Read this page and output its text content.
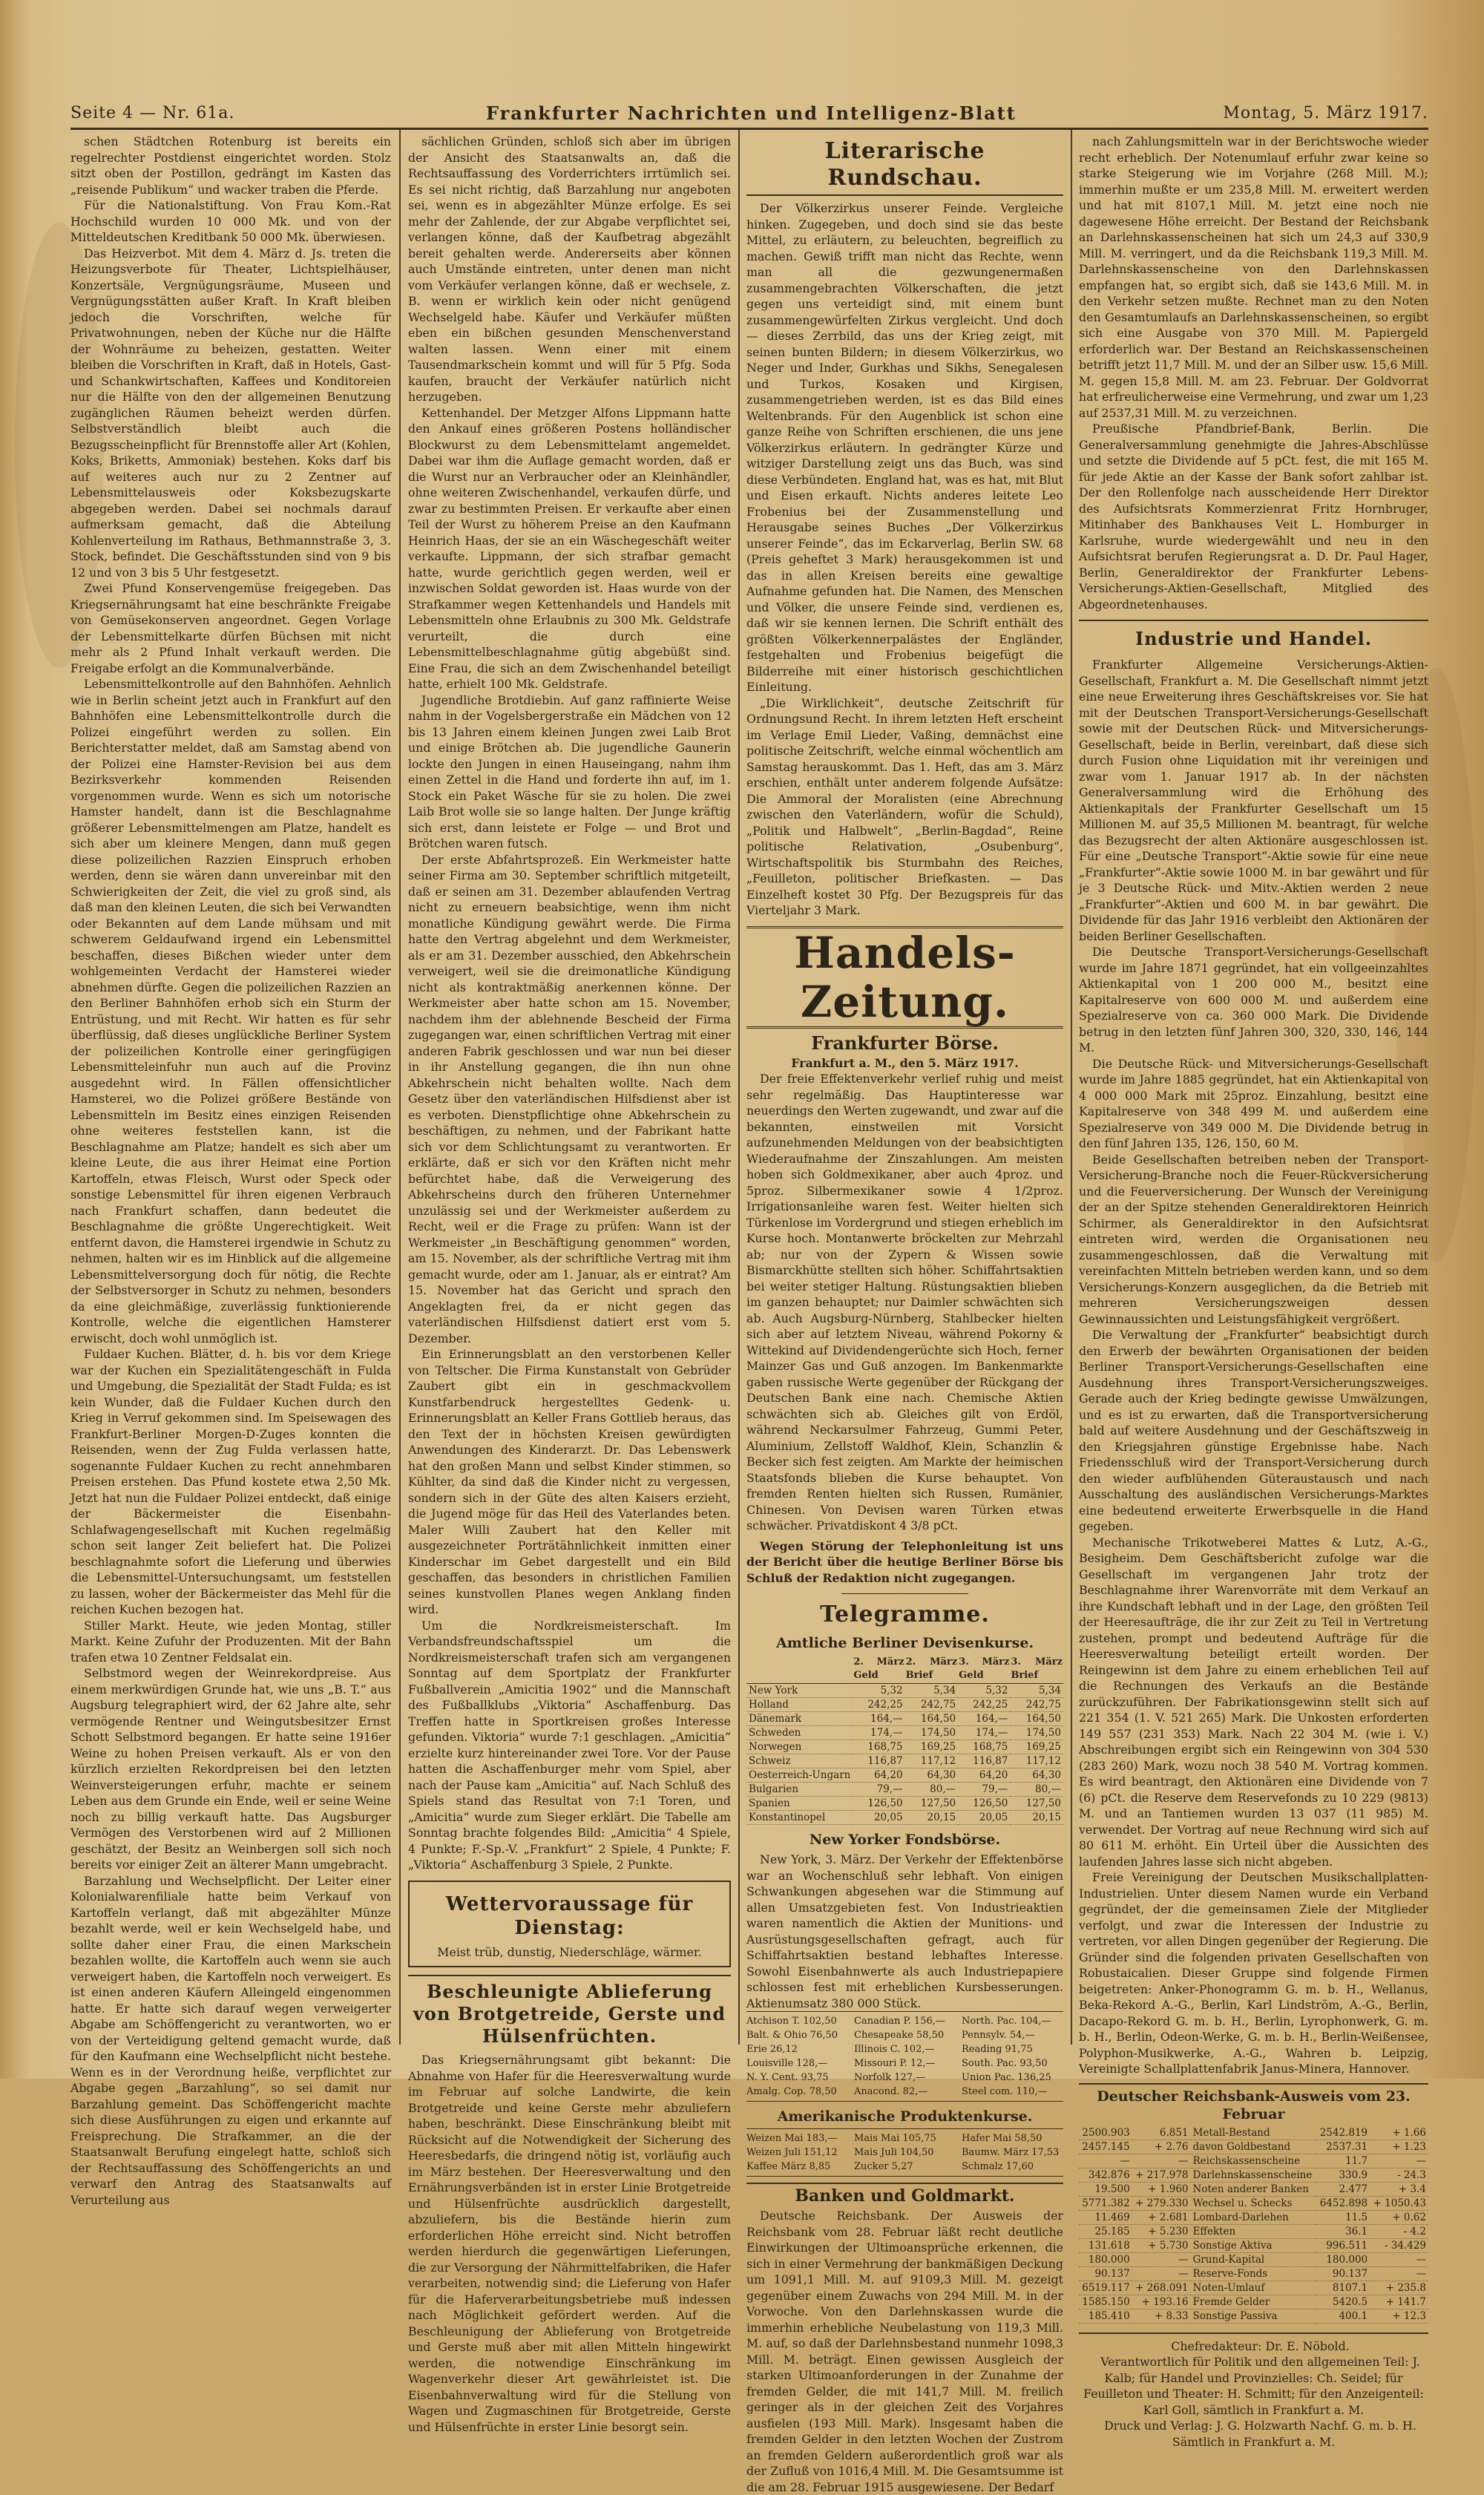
Seite 4 — Nr. 61a.	Frankfurter Nachrichten und Intelligenz-Blatt	Montag, 5. März 1917.

schen Städtchen Rotenburg ist bereits ein regelrechter Postdienst eingerichtet worden. Stolz sitzt oben der Postillon, gedrängt im Kasten das „reisende Publikum“ und wacker traben die Pferde.

Für die Nationalstiftung. Von Frau Kom.-Rat Hochschild wurden 10 000 Mk. und von der Mitteldeutschen Kreditbank 50 000 Mk. überwiesen.

Das Heizverbot. Mit dem 4. März d. Js. treten die Heizungsverbote für Theater, Lichtspielhäuser, Konzertsäle, Vergnügungsräume, Museen und Vergnügungsstätten außer Kraft. In Kraft bleiben jedoch die Vorschriften, welche für Privatwohnungen, neben der Küche nur die Hälfte der Wohnräume zu beheizen, gestatten. Weiter bleiben die Vorschriften in Kraft, daß in Hotels, Gast- und Schankwirtschaften, Kaffees und Konditoreien nur die Hälfte von den der allgemeinen Benutzung zugänglichen Räumen beheizt werden dürfen. Selbstverständlich bleibt auch die Bezugsscheinpflicht für Brennstoffe aller Art (Kohlen, Koks, Briketts, Ammoniak) bestehen. Koks darf bis auf weiteres auch nur zu 2 Zentner auf Lebensmittelausweis oder Koksbezugskarte abgegeben werden. Dabei sei nochmals darauf aufmerksam gemacht, daß die Abteilung Kohlenverteilung im Rathaus, Bethmannstraße 3, 3. Stock, befindet. Die Geschäftsstunden sind von 9 bis 12 und von 3 bis 5 Uhr festgesetzt.

Zwei Pfund Konservengemüse freigegeben. Das Kriegsernährungsamt hat eine beschränkte Freigabe von Gemüsekonserven angeordnet. Gegen Vorlage der Lebensmittelkarte dürfen Büchsen mit nicht mehr als 2 Pfund Inhalt verkauft werden. Die Freigabe erfolgt an die Kommunalverbände.

Lebensmittelkontrolle auf den Bahnhöfen. Aehnlich wie in Berlin scheint jetzt auch in Frankfurt auf den Bahnhöfen eine Lebensmittelkontrolle durch die Polizei eingeführt werden zu sollen. Ein Berichterstatter meldet, daß am Samstag abend von der Polizei eine Hamster-Revision bei aus dem Bezirksverkehr kommenden Reisenden vorgenommen wurde. Wenn es sich um notorische Hamster handelt, dann ist die Beschlagnahme größerer Lebensmittelmengen am Platze, handelt es sich aber um kleinere Mengen, dann muß gegen diese polizeilichen Razzien Einspruch erhoben werden, denn sie wären dann unvereinbar mit den Schwierigkeiten der Zeit, die viel zu groß sind, als daß man den kleinen Leuten, die sich bei Verwandten oder Bekannten auf dem Lande mühsam und mit schwerem Geldaufwand irgend ein Lebensmittel beschaffen, dieses Bißchen wieder unter dem wohlgemeinten Verdacht der Hamsterei wieder abnehmen dürfte. Gegen die polizeilichen Razzien an den Berliner Bahnhöfen erhob sich ein Sturm der Entrüstung, und mit Recht. Wir hatten es für sehr überflüssig, daß dieses unglückliche Berliner System der polizeilichen Kontrolle einer geringfügigen Lebensmitteleinfuhr nun auch auf die Provinz ausgedehnt wird. In Fällen offensichtlicher Hamsterei, wo die Polizei größere Bestände von Lebensmitteln im Besitz eines einzigen Reisenden ohne weiteres feststellen kann, ist die Beschlagnahme am Platze; handelt es sich aber um kleine Leute, die aus ihrer Heimat eine Portion Kartoffeln, etwas Fleisch, Wurst oder Speck oder sonstige Lebensmittel für ihren eigenen Verbrauch nach Frankfurt schaffen, dann bedeutet die Beschlagnahme die größte Ungerechtigkeit. Weit entfernt davon, die Hamsterei irgendwie in Schutz zu nehmen, halten wir es im Hinblick auf die allgemeine Lebensmittelversorgung doch für nötig, die Rechte der Selbstversorger in Schutz zu nehmen, besonders da eine gleichmäßige, zuverlässig funktionierende Kontrolle, welche die eigentlichen Hamsterer erwischt, doch wohl unmöglich ist.

Fuldaer Kuchen. Blätter, d. h. bis vor dem Kriege war der Kuchen ein Spezialitätengeschäft in Fulda und Umgebung, die Spezialität der Stadt Fulda; es ist kein Wunder, daß die Fuldaer Kuchen durch den Krieg in Verruf gekommen sind. Im Speisewagen des Frankfurt-Berliner Morgen-D-Zuges konnten die Reisenden, wenn der Zug Fulda verlassen hatte, sogenannte Fuldaer Kuchen zu recht annehmbaren Preisen erstehen. Das Pfund kostete etwa 2,50 Mk. Jetzt hat nun die Fuldaer Polizei entdeckt, daß einige der Bäckermeister die Eisenbahn-Schlafwagengesellschaft mit Kuchen regelmäßig schon seit langer Zeit beliefert hat. Die Polizei beschlagnahmte sofort die Lieferung und überwies die Lebensmittel-Untersuchungsamt, um feststellen zu lassen, woher der Bäckermeister das Mehl für die reichen Kuchen bezogen hat.

Stiller Markt. Heute, wie jeden Montag, stiller Markt. Keine Zufuhr der Produzenten. Mit der Bahn trafen etwa 10 Zentner Feldsalat ein.

Selbstmord wegen der Weinrekordpreise. Aus einem merkwürdigen Grunde hat, wie uns „B. T.“ aus Augsburg telegraphiert wird, der 62 Jahre alte, sehr vermögende Rentner und Weingutsbesitzer Ernst Schott Selbstmord begangen. Er hatte seine 1916er Weine zu hohen Preisen verkauft. Als er von den kürzlich erzielten Rekordpreisen bei den letzten Weinversteigerungen erfuhr, machte er seinem Leben aus dem Grunde ein Ende, weil er seine Weine noch zu billig verkauft hatte. Das Augsburger Vermögen des Verstorbenen wird auf 2 Millionen geschätzt, der Besitz an Weinbergen soll sich noch bereits vor einiger Zeit an älterer Mann umgebracht.

Barzahlung und Wechselpflicht. Der Leiter einer Kolonialwarenfiliale hatte beim Verkauf von Kartoffeln verlangt, daß mit abgezählter Münze bezahlt werde, weil er kein Wechselgeld habe, und sollte daher einer Frau, die einen Markschein bezahlen wollte, die Kartoffeln auch wenn sie auch verweigert haben, die Kartoffeln noch verweigert. Es ist einen anderen Käufern Alleingeld eingenommen hatte. Er hatte sich darauf wegen verweigerter Abgabe am Schöffengericht zu verantworten, wo er von der Verteidigung geltend gemacht wurde, daß für den Kaufmann eine Wechselpflicht nicht bestehe. Wenn es in der Verordnung heiße, verpflichtet zur Abgabe gegen „Barzahlung“, so sei damit nur Barzahlung gemeint. Das Schöffengericht machte sich diese Ausführungen zu eigen und erkannte auf Freisprechung. Die Strafkammer, an die der Staatsanwalt Berufung eingelegt hatte, schloß sich der Rechtsauffassung des Schöffengerichts an und verwarf den Antrag des Staatsanwalts auf Verurteilung aus

sächlichen Gründen, schloß sich aber im übrigen der Ansicht des Staatsanwalts an, daß die Rechtsauffassung des Vorderrichters irrtümlich sei. Es sei nicht richtig, daß Barzahlung nur angeboten sei, wenn es in abgezählter Münze erfolge. Es sei mehr der Zahlende, der zur Abgabe verpflichtet sei, verlangen könne, daß der Kaufbetrag abgezählt bereit gehalten werde. Andererseits aber können auch Umstände eintreten, unter denen man nicht vom Verkäufer verlangen könne, daß er wechsele, z. B. wenn er wirklich kein oder nicht genügend Wechselgeld habe. Käufer und Verkäufer müßten eben ein bißchen gesunden Menschenverstand walten lassen. Wenn einer mit einem Tausendmarkschein kommt und will für 5 Pfg. Soda kaufen, braucht der Verkäufer natürlich nicht herzugeben.

Kettenhandel. Der Metzger Alfons Lippmann hatte den Ankauf eines größeren Postens holländischer Blockwurst zu dem Lebensmittelamt angemeldet. Dabei war ihm die Auflage gemacht worden, daß er die Wurst nur an Verbraucher oder an Kleinhändler, ohne weiteren Zwischenhandel, verkaufen dürfe, und zwar zu bestimmten Preisen. Er verkaufte aber einen Teil der Wurst zu höherem Preise an den Kaufmann Heinrich Haas, der sie an ein Wäschegeschäft weiter verkaufte. Lippmann, der sich strafbar gemacht hatte, wurde gerichtlich gegen werden, weil er inzwischen Soldat geworden ist. Haas wurde von der Strafkammer wegen Kettenhandels und Handels mit Lebensmitteln ohne Erlaubnis zu 300 Mk. Geldstrafe verurteilt, die durch eine Lebensmittelbeschlagnahme gütig abgebüßt sind. Eine Frau, die sich an dem Zwischenhandel beteiligt hatte, erhielt 100 Mk. Geldstrafe.

Jugendliche Brotdiebin. Auf ganz raffinierte Weise nahm in der Vogelsbergerstraße ein Mädchen von 12 bis 13 Jahren einem kleinen Jungen zwei Laib Brot und einige Brötchen ab. Die jugendliche Gaunerin lockte den Jungen in einen Hauseingang, nahm ihm einen Zettel in die Hand und forderte ihn auf, im 1. Stock ein Paket Wäsche für sie zu holen. Die zwei Laib Brot wolle sie so lange halten. Der Junge kräftig sich erst, dann leistete er Folge — und Brot und Brötchen waren futsch.

Der erste Abfahrtsprozeß. Ein Werkmeister hatte seiner Firma am 30. September schriftlich mitgeteilt, daß er seinen am 31. Dezember ablaufenden Vertrag nicht zu erneuern beabsichtige, wenn ihm nicht monatliche Kündigung gewährt werde. Die Firma hatte den Vertrag abgelehnt und dem Werkmeister, als er am 31. Dezember ausschied, den Abkehrschein verweigert, weil sie die dreimonatliche Kündigung nicht als kontraktmäßig anerkennen könne. Der Werkmeister aber hatte schon am 15. November, nachdem ihm der ablehnende Bescheid der Firma zugegangen war, einen schriftlichen Vertrag mit einer anderen Fabrik geschlossen und war nun bei dieser in ihr Anstellung gegangen, die ihn nun ohne Abkehrschein nicht behalten wollte. Nach dem Gesetz über den vaterländischen Hilfsdienst aber ist es verboten. Dienstpflichtige ohne Abkehrschein zu beschäftigen, zu nehmen, und der Fabrikant hatte sich vor dem Schlichtungsamt zu verantworten. Er erklärte, daß er sich vor den Kräften nicht mehr befürchtet habe, daß die Verweigerung des Abkehrscheins durch den früheren Unternehmer unzulässig sei und der Werkmeister außerdem zu Recht, weil er die Frage zu prüfen: Wann ist der Werkmeister „in Beschäftigung genommen“ worden, am 15. November, als der schriftliche Vertrag mit ihm gemacht wurde, oder am 1. Januar, als er eintrat? Am 15. November hat das Gericht und sprach den Angeklagten frei, da er nicht gegen das vaterländischen Hilfsdienst datiert erst vom 5. Dezember.

Ein Erinnerungsblatt an den verstorbenen Keller von Teltscher. Die Firma Kunstanstalt von Gebrüder Zaubert gibt ein in geschmackvollem Kunstfarbendruck hergestelltes Gedenk- u. Erinnerungsblatt an Keller Frans Gottlieb heraus, das den Text der in höchsten Kreisen gewürdigten Anwendungen des Kinderarzt. Dr. Das Lebenswerk hat den großen Mann und selbst Kinder stimmen, so Kühlter, da sind daß die Kinder nicht zu vergessen, sondern sich in der Güte des alten Kaisers erzieht, die Jugend möge für das Heil des Vaterlandes beten. Maler Willi Zaubert hat den Keller mit ausgezeichneter Porträtähnlichkeit inmitten einer Kinderschar im Gebet dargestellt und ein Bild geschaffen, das besonders in christlichen Familien seines kunstvollen Planes wegen Anklang finden wird.

Um die Nordkreismeisterschaft. Im Verbandsfreundschaftsspiel um die Nordkreismeisterschaft trafen sich am vergangenen Sonntag auf dem Sportplatz der Frankfurter Fußballverein „Amicitia 1902“ und die Mannschaft des Fußballklubs „Viktoria“ Aschaffenburg. Das Treffen hatte in Sportkreisen großes Interesse gefunden. Viktoria“ wurde 7:1 geschlagen. „Amicitia“ erzielte kurz hintereinander zwei Tore. Vor der Pause hatten die Aschaffenburger mehr vom Spiel, aber nach der Pause kam „Amicitia“ auf. Nach Schluß des Spiels stand das Resultat von 7:1 Toren, und „Amicitia“ wurde zum Sieger erklärt. Die Tabelle am Sonntag brachte folgendes Bild: „Amicitia“ 4 Spiele, 4 Punkte; F.-Sp.-V. „Frankfurt“ 2 Spiele, 4 Punkte; F. „Viktoria“ Aschaffenburg 3 Spiele, 2 Punkte.

Wettervoraussage für Dienstag:

Meist trüb, dunstig, Niederschläge, wärmer.

Beschleunigte Ablieferung von Brotgetreide, Gerste und Hülsenfrüchten.

Das Kriegsernährungsamt gibt bekannt: Die Abnahme von Hafer für die Heeresverwaltung wurde im Februar auf solche Landwirte, die kein Brotgetreide und keine Gerste mehr abzuliefern haben, beschränkt. Diese Einschränkung bleibt mit Rücksicht auf die Notwendigkeit der Sicherung des Heeresbedarfs, die dringend nötig ist, vorläufig auch im März bestehen. Der Heeresverwaltung und den Ernährungsverbänden ist in erster Linie Brotgetreide und Hülsenfrüchte ausdrücklich dargestellt, abzuliefern, bis die Bestände hierin zum erforderlichen Höhe erreicht sind. Nicht betroffen werden hierdurch die gegenwärtigen Lieferungen, die zur Versorgung der Nährmittelfabriken, die Hafer verarbeiten, notwendig sind; die Lieferung von Hafer für die Haferverarbeitungsbetriebe muß indessen nach Möglichkeit gefördert werden. Auf die Beschleunigung der Ablieferung von Brotgetreide und Gerste muß aber mit allen Mitteln hingewirkt werden, die notwendige Einschränkung im Wagenverkehr dieser Art gewährleistet ist. Die Eisenbahnverwaltung wird für die Stellung von Wagen und Zugmaschinen für Brotgetreide, Gerste und Hülsenfrüchte in erster Linie besorgt sein.

Literarische Rundschau.

Der Völkerzirkus unserer Feinde. Vergleiche hinken. Zugegeben, und doch sind sie das beste Mittel, zu erläutern, zu beleuchten, begreiflich zu machen. Gewiß trifft man nicht das Rechte, wenn man all die gezwungenermaßen zusammengebrachten Völkerschaften, die jetzt gegen uns verteidigt sind, mit einem bunt zusammengewürfelten Zirkus vergleicht. Und doch — dieses Zerrbild, das uns der Krieg zeigt, mit seinen bunten Bildern; in diesem Völkerzirkus, wo Neger und Inder, Gurkhas und Sikhs, Senegalesen und Turkos, Kosaken und Kirgisen, zusammengetrieben werden, ist es das Bild eines Weltenbrands. Für den Augenblick ist schon eine ganze Reihe von Schriften erschienen, die uns jene Völkerzirkus erläutern. In gedrängter Kürze und witziger Darstellung zeigt uns das Buch, was sind diese Verbündeten. England hat, was es hat, mit Blut und Eisen erkauft. Nichts anderes leitete Leo Frobenius bei der Zusammenstellung und Herausgabe seines Buches „Der Völkerzirkus unserer Feinde“, das im Eckarverlag, Berlin SW. 68 (Preis geheftet 3 Mark) herausgekommen ist und das in allen Kreisen bereits eine gewaltige Aufnahme gefunden hat. Die Namen, des Menschen und Völker, die unsere Feinde sind, verdienen es, daß wir sie kennen lernen. Die Schrift enthält des größten Völkerkennerpalästes der Engländer, festgehalten und Frobenius beigefügt die Bilderreihe mit einer historisch geschichtlichen Einleitung.

„Die Wirklichkeit“, deutsche Zeitschrift für Ordnungsund Recht. In ihrem letzten Heft erscheint im Verlage Emil Lieder, Vaßing, demnächst eine politische Zeitschrift, welche einmal wöchentlich am Samstag herauskommt. Das 1. Heft, das am 3. März erschien, enthält unter anderem folgende Aufsätze: Die Ammoral der Moralisten (eine Abrechnung zwischen den Vaterländern, wofür die Schuld), „Politik und Halbwelt“, „Berlin-Bagdad“, Reine politische Relativation, „Osubenburg“, Wirtschaftspolitik bis Sturmbahn des Reiches, „Feuilleton, politischer Briefkasten. — Das Einzelheft kostet 30 Pfg. Der Bezugspreis für das Vierteljahr 3 Mark.

Handels-Zeitung.
Frankfurter Börse.

Frankfurt a. M., den 5. März 1917.

Der freie Effektenverkehr verlief ruhig und meist sehr regelmäßig. Das Hauptinteresse war neuerdings den Werten zugewandt, und zwar auf die bekannten, einstweilen mit Vorsicht aufzunehmenden Meldungen von der beabsichtigten Wiederaufnahme der Zinszahlungen. Am meisten hoben sich Goldmexikaner, aber auch 4proz. und 5proz. Silbermexikaner sowie 4 1/2proz. Irrigationsanleihe waren fest. Weiter hielten sich Türkenlose im Vordergrund und stiegen erheblich im Kurse hoch. Montanwerte bröckelten zur Mehrzahl ab; nur von der Zypern & Wissen sowie Bismarckhütte stellten sich höher. Schiffahrtsaktien bei weiter stetiger Haltung. Rüstungsaktien blieben im ganzen behauptet; nur Daimler schwächten sich ab. Auch Augsburg-Nürnberg, Stahlbecker hielten sich aber auf letztem Niveau, während Pokorny & Wittekind auf Dividendengerüchte sich Hoch, ferner Mainzer Gas und Guß anzogen. Im Bankenmarkte gaben russische Werte gegenüber der Rückgang der Deutschen Bank eine nach. Chemische Aktien schwächten sich ab. Gleiches gilt von Erdöl, während Neckarsulmer Fahrzeug, Gummi Peter, Aluminium, Zellstoff Waldhof, Klein, Schanzlin & Becker sich fest zeigten. Am Markte der heimischen Staatsfonds blieben die Kurse behauptet. Von fremden Renten hielten sich Russen, Rumänier, Chinesen. Von Devisen waren Türken etwas schwächer. Privatdiskont 4 3/8 pCt.

Wegen Störung der Telephonleitung ist uns der Bericht über die heutige Berliner Börse bis Schluß der Redaktion nicht zugegangen.

Telegramme.
Amtliche Berliner Devisenkurse.
	2. März Geld	2. März Brief	3. März Geld	3. März Brief
New York	5,32	5,34	5,32	5,34
Holland	242,25	242,75	242,25	242,75
Dänemark	164,—	164,50	164,—	164,50
Schweden	174,—	174,50	174,—	174,50
Norwegen	168,75	169,25	168,75	169,25
Schweiz	116,87	117,12	116,87	117,12
Oesterreich-Ungarn	64,20	64,30	64,20	64,30
Bulgarien	79,—	80,—	79,—	80,—
Spanien	126,50	127,50	126,50	127,50
Konstantinopel	20,05	20,15	20,05	20,15
New Yorker Fondsbörse.

New York, 3. März. Der Verkehr der Effektenbörse war an Wochenschluß sehr lebhaft. Von einigen Schwankungen abgesehen war die Stimmung auf allen Umsatzgebieten fest. Von Industrieaktien waren namentlich die Aktien der Munitions- und Ausrüstungsgesellschaften gefragt, auch für Schiffahrtsaktien bestand lebhaftes Interesse. Sowohl Eisenbahnwerte als auch Industriepapiere schlossen fest mit erheblichen Kursbesserungen. Aktienumsatz 380 000 Stück.

Atchison T. 102,50	Canadian P. 156,—	North. Pac. 104,—
Balt. & Ohio 76,50	Chesapeake 58,50	Pennsylv. 54,—
Erie 26,12	Illinois C. 102,—	Reading 91,75
Louisville 128,—	Missouri P. 12,—	South. Pac. 93,50
N. Y. Cent. 93,75	Norfolk 127,—	Union Pac. 136,25
Amalg. Cop. 78,50	Anacond. 82,—	Steel com. 110,—
Amerikanische Produktenkurse.
Weizen Mai 183,—	Mais Mai 105,75	Hafer Mai 58,50
Weizen Juli 151,12	Mais Juli 104,50	Baumw. März 17,53
Kaffee März 8,85	Zucker 5,27	Schmalz 17,60
Banken und Goldmarkt.

Deutsche Reichsbank. Der Ausweis der Reichsbank vom 28. Februar läßt recht deutliche Einwirkungen der Ultimoansprüche erkennen, die sich in einer Vermehrung der bankmäßigen Deckung um 1091,1 Mill. M. auf 9109,3 Mill. M. gezeigt gegenüber einem Zuwachs von 294 Mill. M. in der Vorwoche. Von den Darlehnskassen wurde die immerhin erhebliche Neubelastung von 119,3 Mill. M. auf, so daß der Darlehnsbestand nunmehr 1098,3 Mill. M. beträgt. Einen gewissen Ausgleich der starken Ultimoanforderungen in der Zunahme der fremden Gelder, die mit 141,7 Mill. M. freilich geringer als in der gleichen Zeit des Vorjahres ausfielen (193 Mill. Mark). Insgesamt haben die fremden Gelder in den letzten Wochen der Zustrom an fremden Geldern außerordentlich groß war als der Zufluß von 1016,4 Mill. M. Die Gesamtsumme ist die am 28. Februar 1915 ausgewiesene. Der Bedarf

nach Zahlungsmitteln war in der Berichtswoche wieder recht erheblich. Der Notenumlauf erfuhr zwar keine so starke Steigerung wie im Vorjahre (268 Mill. M.); immerhin mußte er um 235,8 Mill. M. erweitert werden und hat mit 8107,1 Mill. M. jetzt eine noch nie dagewesene Höhe erreicht. Der Bestand der Reichsbank an Darlehnskassenscheinen hat sich um 24,3 auf 330,9 Mill. M. verringert, und da die Reichsbank 119,3 Mill. M. Darlehnskassenscheine von den Darlehnskassen empfangen hat, so ergibt sich, daß sie 143,6 Mill. M. in den Verkehr setzen mußte. Rechnet man zu den Noten den Gesamtumlaufs an Darlehnskassenscheinen, so ergibt sich eine Ausgabe von 370 Mill. M. Papiergeld erforderlich war. Der Bestand an Reichskassenscheinen betrifft jetzt 11,7 Mill. M. und der an Silber usw. 15,6 Mill. M. gegen 15,8 Mill. M. am 23. Februar. Der Goldvorrat hat erfreulicherweise eine Vermehrung, und zwar um 1,23 auf 2537,31 Mill. M. zu verzeichnen.

Preußische Pfandbrief-Bank, Berlin. Die Generalversammlung genehmigte die Jahres-Abschlüsse und setzte die Dividende auf 5 pCt. fest, die mit 165 M. für jede Aktie an der Kasse der Bank sofort zahlbar ist. Der den Rollenfolge nach ausscheidende Herr Direktor des Aufsichtsrats Kommerzienrat Fritz Hornbruger, Mitinhaber des Bankhauses Veit L. Homburger in Karlsruhe, wurde wiedergewählt und neu in den Aufsichtsrat berufen Regierungsrat a. D. Dr. Paul Hager, Berlin, Generaldirektor der Frankfurter Lebens-Versicherungs-Aktien-Gesellschaft, Mitglied des Abgeordnetenhauses.

Industrie und Handel.

Frankfurter Allgemeine Versicherungs-Aktien-Gesellschaft, Frankfurt a. M. Die Gesellschaft nimmt jetzt eine neue Erweiterung ihres Geschäftskreises vor. Sie hat mit der Deutschen Transport-Versicherungs-Gesellschaft sowie mit der Deutschen Rück- und Mitversicherungs-Gesellschaft, beide in Berlin, vereinbart, daß diese sich durch Fusion ohne Liquidation mit ihr vereinigen und zwar vom 1. Januar 1917 ab. In der nächsten Generalversammlung wird die Erhöhung des Aktienkapitals der Frankfurter Gesellschaft um 15 Millionen M. auf 35,5 Millionen M. beantragt, für welche das Bezugsrecht der alten Aktionäre ausgeschlossen ist. Für eine „Deutsche Transport“-Aktie sowie für eine neue „Frankfurter“-Aktie sowie 1000 M. in bar gewährt und für je 3 Deutsche Rück- und Mitv.-Aktien werden 2 neue „Frankfurter“-Aktien und 600 M. in bar gewährt. Die Dividende für das Jahr 1916 verbleibt den Aktionären der beiden Berliner Gesellschaften.

Die Deutsche Transport-Versicherungs-Gesellschaft wurde im Jahre 1871 gegründet, hat ein vollgeeinzahltes Aktienkapital von 1 200 000 M., besitzt eine Kapitalreserve von 600 000 M. und außerdem eine Spezialreserve von ca. 360 000 Mark. Die Dividende betrug in den letzten fünf Jahren 300, 320, 330, 146, 144 M.

Die Deutsche Rück- und Mitversicherungs-Gesellschaft wurde im Jahre 1885 gegründet, hat ein Aktienkapital von 4 000 000 Mark mit 25proz. Einzahlung, besitzt eine Kapitalreserve von 348 499 M. und außerdem eine Spezialreserve von 349 000 M. Die Dividende betrug in den fünf Jahren 135, 126, 150, 60 M.

Beide Gesellschaften betreiben neben der Transport-Versicherung-Branche noch die Feuer-Rückversicherung und die Feuerversicherung. Der Wunsch der Vereinigung der an der Spitze stehenden Generaldirektoren Heinrich Schirmer, als Generaldirektor in den Aufsichtsrat eintreten wird, werden die Organisationen neu zusammengeschlossen, daß die Verwaltung mit vereinfachten Mitteln betrieben werden kann, und so dem Versicherungs-Konzern ausgeglichen, da die Betrieb mit mehreren Versicherungszweigen dessen Gewinnaussichten und Leistungsfähigkeit vergrößert.

Die Verwaltung der „Frankfurter“ beabsichtigt durch den Erwerb der bewährten Organisationen der beiden Berliner Transport-Versicherungs-Gesellschaften eine Ausdehnung ihres Transport-Versicherungszweiges. Gerade auch der Krieg bedingte gewisse Umwälzungen, und es ist zu erwarten, daß die Transportversicherung bald auf weitere Ausdehnung und der Geschäftszweig in den Kriegsjahren günstige Ergebnisse habe. Nach Friedensschluß wird der Transport-Versicherung durch den wieder aufblühenden Güteraustausch und nach Ausschaltung des ausländischen Versicherungs-Marktes eine bedeutend erweiterte Erwerbsquelle in die Hand gegeben.

Mechanische Trikotweberei Mattes & Lutz, A.-G., Besigheim. Dem Geschäftsbericht zufolge war die Gesellschaft im vergangenen Jahr trotz der Beschlagnahme ihrer Warenvorräte mit dem Verkauf an ihre Kundschaft lebhaft und in der Lage, den größten Teil der Heeresaufträge, die ihr zur Zeit zu Teil in Vertretung zustehen, prompt und bedeutend Aufträge für die Heeresverwaltung beteiligt erteilt worden. Der Reingewinn ist dem Jahre zu einem erheblichen Teil auf die Rechnungen des Verkaufs an die Bestände zurückzuführen. Der Fabrikationsgewinn stellt sich auf 221 354 (1. V. 521 265) Mark. Die Unkosten erforderten 149 557 (231 353) Mark. Nach 22 304 M. (wie i. V.) Abschreibungen ergibt sich ein Reingewinn von 304 530 (283 260) Mark, wozu noch 38 540 M. Vortrag kommen. Es wird beantragt, den Aktionären eine Dividende von 7 (6) pCt. die Reserve dem Reservefonds zu 10 229 (9813) M. und an Tantiemen wurden 13 037 (11 985) M. verwendet. Der Vortrag auf neue Rechnung wird sich auf 80 611 M. erhöht. Ein Urteil über die Aussichten des laufenden Jahres lasse sich nicht abgeben.

Freie Vereinigung der Deutschen Musikschallplatten-Industrielien. Unter diesem Namen wurde ein Verband gegründet, der die gemeinsamen Ziele der Mitglieder verfolgt, und zwar die Interessen der Industrie zu vertreten, vor allen Dingen gegenüber der Regierung. Die Gründer sind die folgenden privaten Gesellschaften von Robustaicalien. Dieser Gruppe sind folgende Firmen beigetreten: Anker-Phonogramm G. m. b. H., Wellanus, Beka-Rekord A.-G., Berlin, Karl Lindström, A.-G., Berlin, Dacapo-Rekord G. m. b. H., Berlin, Lyrophonwerk, G. m. b. H., Berlin, Odeon-Werke, G. m. b. H., Berlin-Weißensee, Polyphon-Musikwerke, A.-G., Wahren b. Leipzig, Vereinigte Schallplattenfabrik Janus-Minera, Hannover.

Deutscher Reichsbank-Ausweis vom 23. Februar
2500.903	6.851	Metall-Bestand	2542.819	+ 1.66
2457.145	+ 2.76	davon Goldbestand	2537.31	+ 1.23
—	—	Reichskassenscheine	11.7	—
342.876	+ 217.978	Darlehnskassenscheine	330.9	- 24.3
19.500	+ 1.960	Noten anderer Banken	2.477	+ 3.4
5771.382	+ 279.330	Wechsel u. Schecks	6452.898	+ 1050.43
11.469	+ 2.681	Lombard-Darlehen	11.5	+ 0.62
25.185	+ 5.230	Effekten	36.1	- 4.2
131.618	+ 5.730	Sonstige Aktiva	996.511	- 34.429
180.000	—	Grund-Kapital	180.000	—
90.137	—	Reserve-Fonds	90.137	—
6519.117	+ 268.091	Noten-Umlauf	8107.1	+ 235.8
1585.150	+ 193.16	Fremde Gelder	5420.5	+ 141.7
185.410	+ 8.33	Sonstige Passiva	400.1	+ 12.3

Chefredakteur: Dr. E. Nöbold.

Verantwortlich für Politik und den allgemeinen Teil: J. Kalb; für Handel und Provinzielles: Ch. Seidel; für Feuilleton und Theater: H. Schmitt; für den Anzeigenteil: Karl Goll, sämtlich in Frankfurt a. M.

Druck und Verlag: J. G. Holzwarth Nachf. G. m. b. H. Sämtlich in Frankfurt a. M.
